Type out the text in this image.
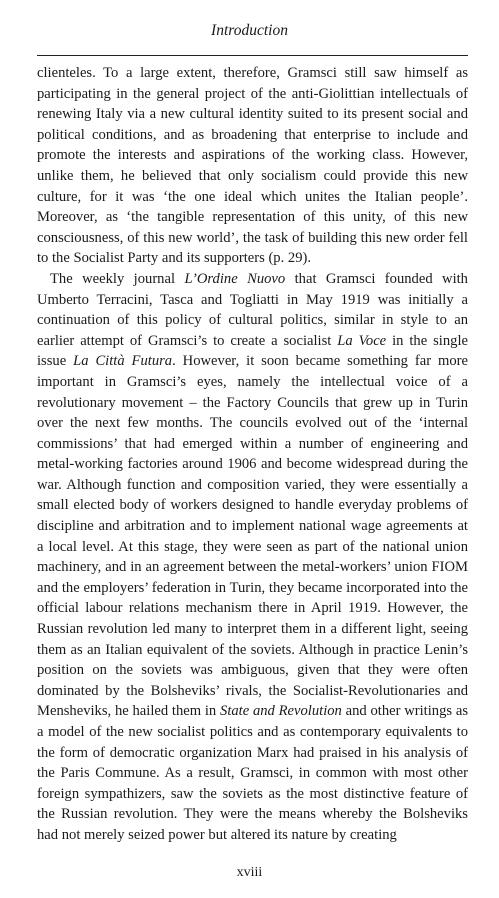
Introduction

clienteles. To a large extent, therefore, Gramsci still saw himself as participating in the general project of the anti-Giolittian intellectuals of renewing Italy via a new cultural identity suited to its present social and political conditions, and as broadening that enterprise to include and promote the interests and aspirations of the working class. However, unlike them, he believed that only socialism could provide this new culture, for it was ‘the one ideal which unites the Italian people’. Moreover, as ‘the tangible representation of this unity, of this new consciousness, of this new world’, the task of building this new order fell to the Socialist Party and its supporters (p. 29).

The weekly journal L’Ordine Nuovo that Gramsci founded with Umberto Terracini, Tasca and Togliatti in May 1919 was initially a continuation of this policy of cultural politics, similar in style to an earlier attempt of Gramsci’s to create a socialist La Voce in the single issue La Città Futura. However, it soon became something far more important in Gramsci’s eyes, namely the intellectual voice of a revolutionary movement – the Factory Councils that grew up in Turin over the next few months. The councils evolved out of the ‘internal commissions’ that had emerged within a number of engineering and metal-working factories around 1906 and become widespread during the war. Although function and composition varied, they were essentially a small elected body of workers designed to handle everyday problems of discipline and arbitration and to implement national wage agreements at a local level. At this stage, they were seen as part of the national union machinery, and in an agreement between the metal-workers’ union FIOM and the employers’ federation in Turin, they became incorporated into the official labour relations mechanism there in April 1919. However, the Russian revolution led many to interpret them in a different light, seeing them as an Italian equivalent of the soviets. Although in practice Lenin’s position on the soviets was ambiguous, given that they were often dominated by the Bolsheviks’ rivals, the Socialist-Revolutionaries and Mensheviks, he hailed them in State and Revolution and other writings as a model of the new socialist politics and as contemporary equivalents to the form of democratic organization Marx had praised in his analysis of the Paris Commune. As a result, Gramsci, in common with most other foreign sympathizers, saw the soviets as the most distinctive feature of the Russian revolution. They were the means whereby the Bolsheviks had not merely seized power but altered its nature by creating

xviii
